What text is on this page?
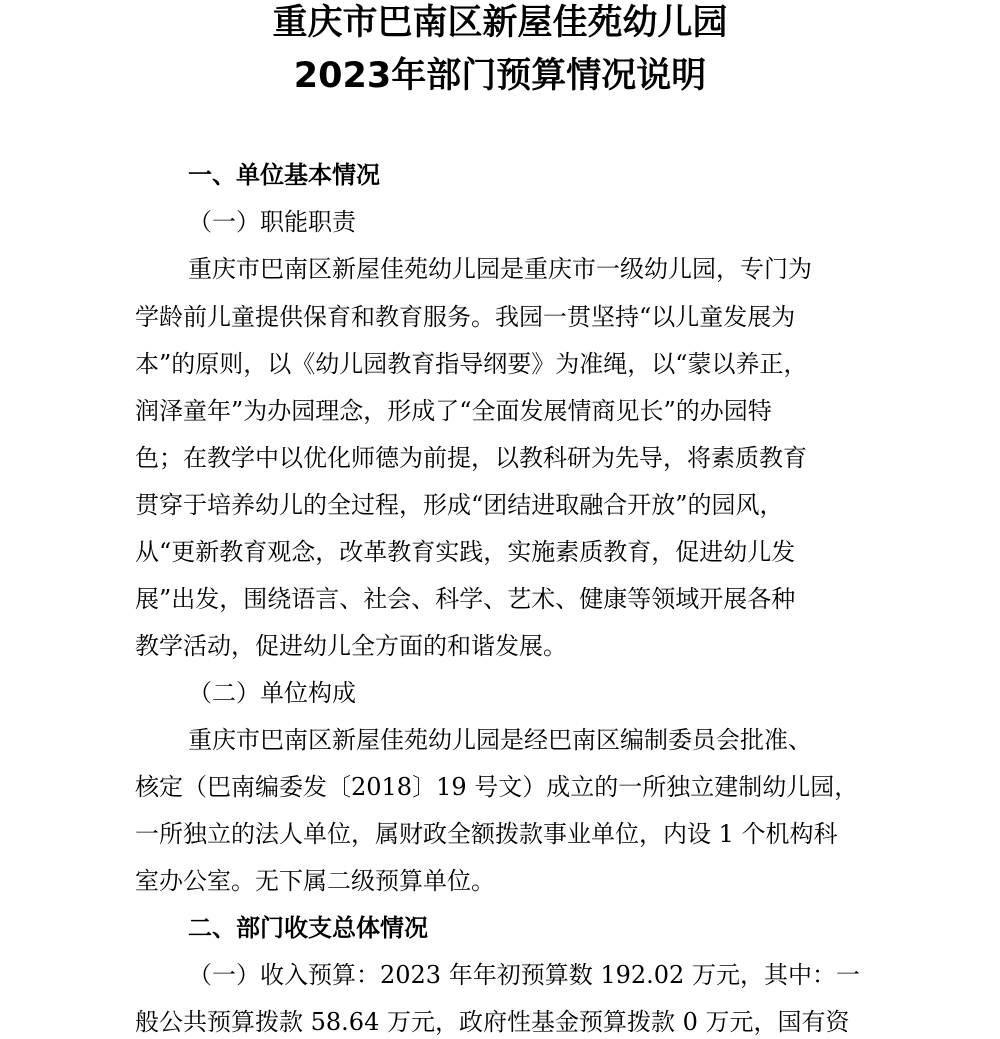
重庆市巴南区新屋佳苑幼儿园
2023年部门预算情况说明
一、单位基本情况
（一）职能职责
重庆市巴南区新屋佳苑幼儿园是重庆市一级幼儿园，专门为
学龄前儿童提供保育和教育服务。我园一贯坚持“以儿童发展为
本”的原则，以《幼儿园教育指导纲要》为准绳，以“蒙以养正，
润泽童年”为办园理念，形成了“全面发展情商见长”的办园特
色；在教学中以优化师德为前提，以教科研为先导，将素质教育
贯穿于培养幼儿的全过程，形成“团结进取融合开放”的园风，
从“更新教育观念，改革教育实践，实施素质教育，促进幼儿发
展”出发，围绕语言、社会、科学、艺术、健康等领域开展各种
教学活动，促进幼儿全方面的和谐发展。
（二）单位构成
重庆市巴南区新屋佳苑幼儿园是经巴南区编制委员会批准、
核定（巴南编委发〔2018〕19 号文）成立的一所独立建制幼儿园，
一所独立的法人单位，属财政全额拨款事业单位，内设 1 个机构科
室办公室。无下属二级预算单位。
二、部门收支总体情况
（一）收入预算：2023 年年初预算数 192.02 万元，其中：一
般公共预算拨款 58.64 万元，政府性基金预算拨款 0 万元，国有资
